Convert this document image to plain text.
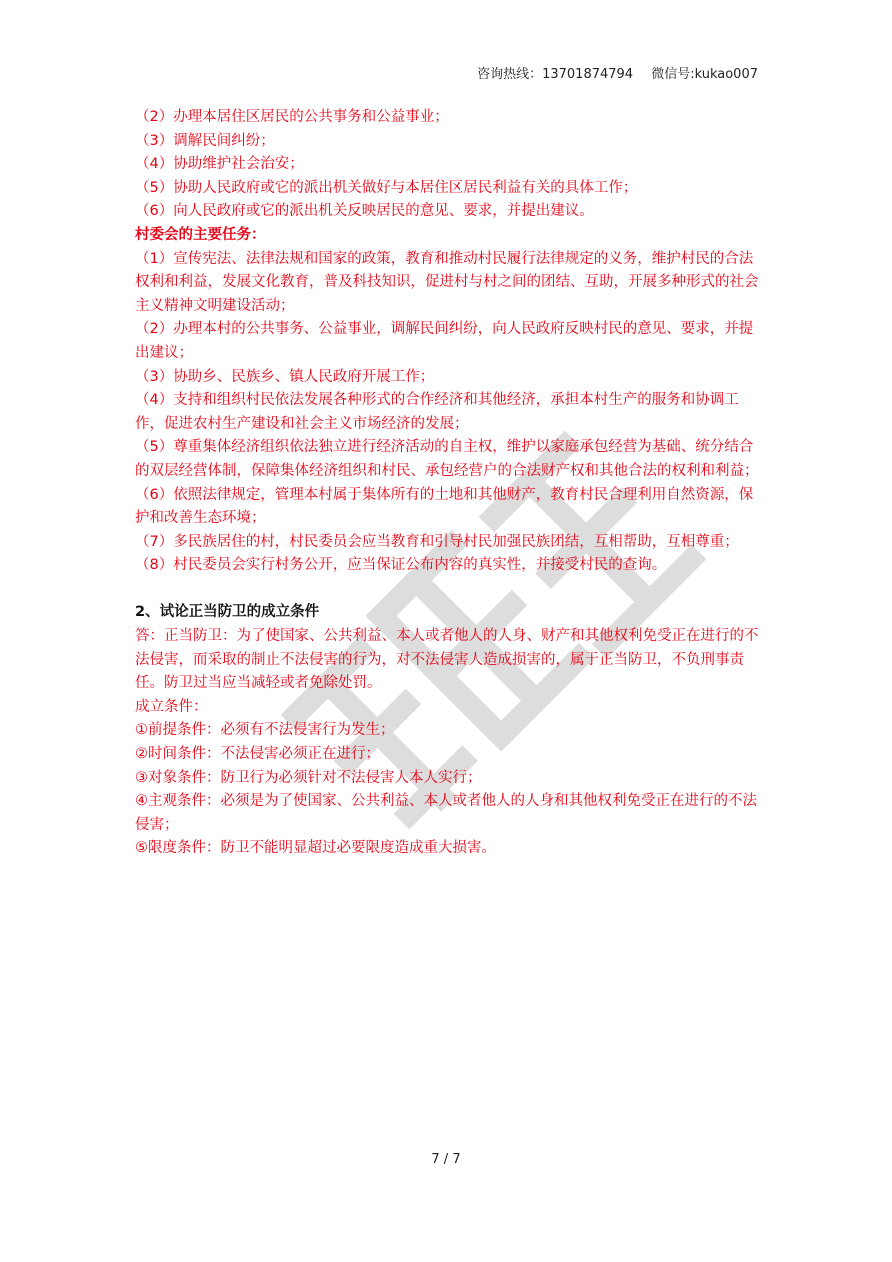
咨询热线：13701874794 微信号:kukao007

（2）办理本居住区居民的公共事务和公益事业；

（3）调解民间纠纷；

（4）协助维护社会治安；

（5）协助人民政府或它的派出机关做好与本居住区居民利益有关的具体工作；

（6）向人民政府或它的派出机关反映居民的意见、要求，并提出建议。

村委会的主要任务：

（1）宣传宪法、法律法规和国家的政策，教育和推动村民履行法律规定的义务，维护村民的合法权利和利益，发展文化教育，普及科技知识，促进村与村之间的团结、互助，开展多种形式的社会主义精神文明建设活动；

（2）办理本村的公共事务、公益事业，调解民间纠纷，向人民政府反映村民的意见、要求，并提出建议；

（3）协助乡、民族乡、镇人民政府开展工作；

（4）支持和组织村民依法发展各种形式的合作经济和其他经济，承担本村生产的服务和协调工作，促进农村生产建设和社会主义市场经济的发展；

（5）尊重集体经济组织依法独立进行经济活动的自主权，维护以家庭承包经营为基础、统分结合的双层经营体制，保障集体经济组织和村民、承包经营户的合法财产权和其他合法的权利和利益；

（6）依照法律规定，管理本村属于集体所有的土地和其他财产，教育村民合理利用自然资源，保护和改善生态环境；

（7）多民族居住的村，村民委员会应当教育和引导村民加强民族团结，互相帮助，互相尊重；

（8）村民委员会实行村务公开，应当保证公布内容的真实性，并接受村民的查询。

2、试论正当防卫的成立条件

答：正当防卫：为了使国家、公共利益、本人或者他人的人身、财产和其他权利免受正在进行的不法侵害，而采取的制止不法侵害的行为，对不法侵害人造成损害的，属于正当防卫，不负刑事责任。防卫过当应当减轻或者免除处罚。

成立条件：

①前提条件：必须有不法侵害行为发生；

②时间条件：不法侵害必须正在进行；

③对象条件：防卫行为必须针对不法侵害人本人实行；

④主观条件：必须是为了使国家、公共利益、本人或者他人的人身和其他权利免受正在进行的不法侵害；

⑤限度条件：防卫不能明显超过必要限度造成重大损害。

7 / 7
